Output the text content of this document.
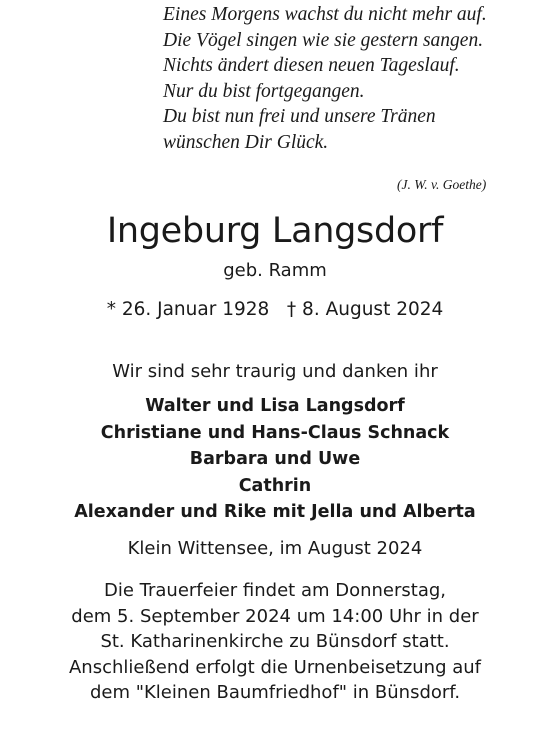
Eines Morgens wachst du nicht mehr auf.
Die Vögel singen wie sie gestern sangen.
Nichts ändert diesen neuen Tageslauf.
Nur du bist fortgegangen.
Du bist nun frei und unsere Tränen
wünschen Dir Glück.
(J. W. v. Goethe)
Ingeburg Langsdorf
geb. Ramm
* 26. Januar 1928   † 8. August 2024
Wir sind sehr traurig und danken ihr
Walter und Lisa Langsdorf
Christiane und Hans-Claus Schnack
Barbara und Uwe
Cathrin
Alexander und Rike mit Jella und Alberta
Klein Wittensee, im August 2024
Die Trauerfeier findet am Donnerstag,
dem 5. September 2024 um 14:00 Uhr in der
St. Katharinenkirche zu Bünsdorf statt.
Anschließend erfolgt die Urnenbeisetzung auf
dem "Kleinen Baumfriedhof" in Bünsdorf.
